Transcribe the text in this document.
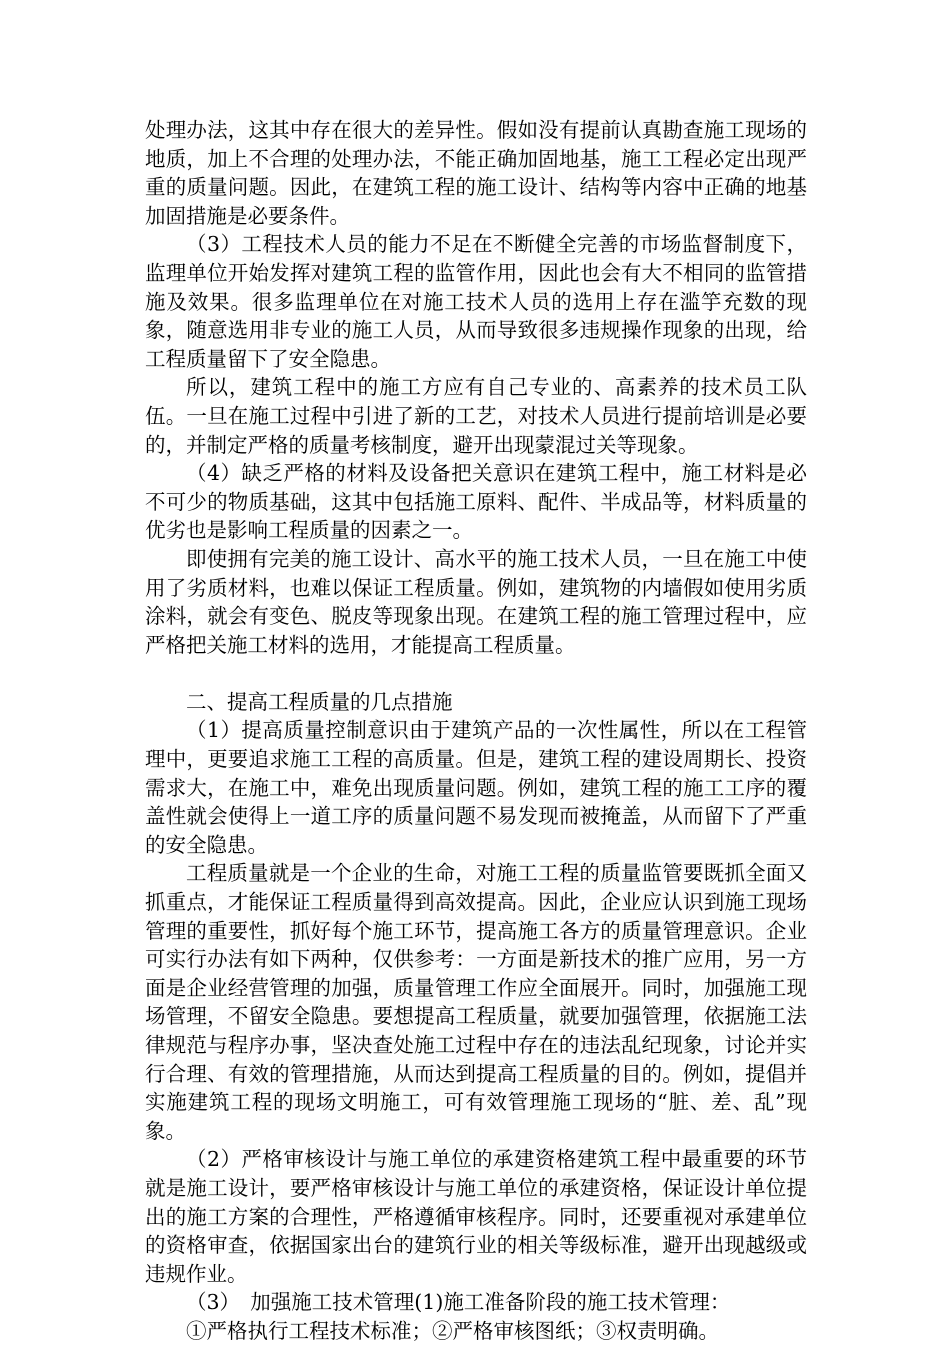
处理办法，这其中存在很大的差异性。假如没有提前认真勘查施工现场的地质，加上不合理的处理办法，不能正确加固地基，施工工程必定出现严重的质量问题。因此，在建筑工程的施工设计、结构等内容中正确的地基加固措施是必要条件。

（3）工程技术人员的能力不足在不断健全完善的市场监督制度下，监理单位开始发挥对建筑工程的监管作用，因此也会有大不相同的监管措施及效果。很多监理单位在对施工技术人员的选用上存在滥竽充数的现象，随意选用非专业的施工人员，从而导致很多违规操作现象的出现，给工程质量留下了安全隐患。

所以，建筑工程中的施工方应有自己专业的、高素养的技术员工队伍。一旦在施工过程中引进了新的工艺，对技术人员进行提前培训是必要的，并制定严格的质量考核制度，避开出现蒙混过关等现象。

（4）缺乏严格的材料及设备把关意识在建筑工程中，施工材料是必不可少的物质基础，这其中包括施工原料、配件、半成品等，材料质量的优劣也是影响工程质量的因素之一。

即使拥有完美的施工设计、高水平的施工技术人员，一旦在施工中使用了劣质材料，也难以保证工程质量。例如，建筑物的内墙假如使用劣质涂料，就会有变色、脱皮等现象出现。在建筑工程的施工管理过程中，应严格把关施工材料的选用，才能提高工程质量。

二、提高工程质量的几点措施

（1）提高质量控制意识由于建筑产品的一次性属性，所以在工程管理中，更要追求施工工程的高质量。但是，建筑工程的建设周期长、投资需求大，在施工中，难免出现质量问题。例如，建筑工程的施工工序的覆盖性就会使得上一道工序的质量问题不易发现而被掩盖，从而留下了严重的安全隐患。

工程质量就是一个企业的生命，对施工工程的质量监管要既抓全面又抓重点，才能保证工程质量得到高效提高。因此，企业应认识到施工现场管理的重要性，抓好每个施工环节，提高施工各方的质量管理意识。企业可实行办法有如下两种，仅供参考：一方面是新技术的推广应用，另一方面是企业经营管理的加强，质量管理工作应全面展开。同时，加强施工现场管理，不留安全隐患。要想提高工程质量，就要加强管理，依据施工法律规范与程序办事，坚决查处施工过程中存在的违法乱纪现象，讨论并实行合理、有效的管理措施，从而达到提高工程质量的目的。例如，提倡并实施建筑工程的现场文明施工，可有效管理施工现场的“脏、差、乱”现象。

（2）严格审核设计与施工单位的承建资格建筑工程中最重要的环节就是施工设计，要严格审核设计与施工单位的承建资格，保证设计单位提出的施工方案的合理性，严格遵循审核程序。同时，还要重视对承建单位的资格审查，依据国家出台的建筑行业的相关等级标准，避开出现越级或违规作业。

（3）　加强施工技术管理(1)施工准备阶段的施工技术管理：

①严格执行工程技术标准；②严格审核图纸；③权责明确。
